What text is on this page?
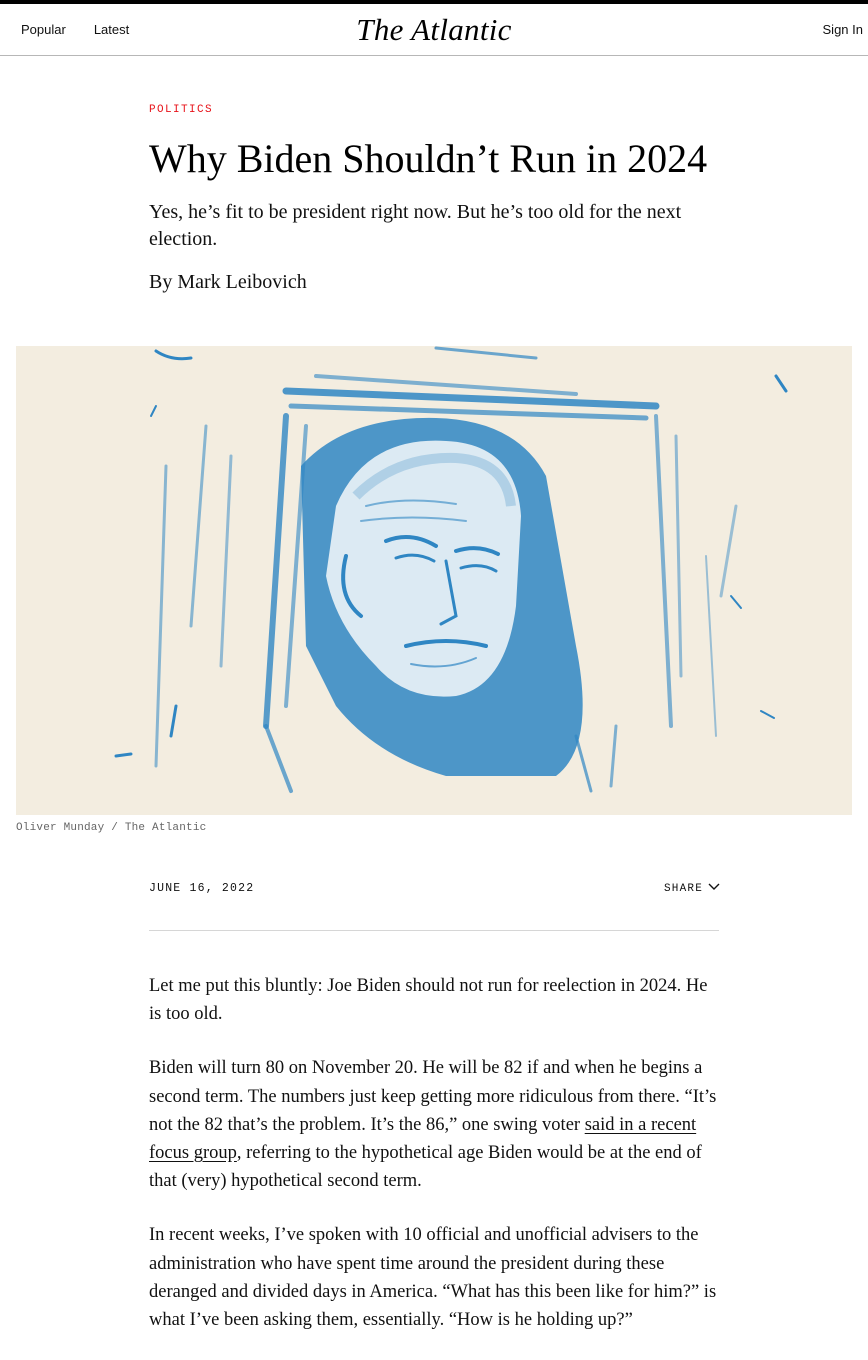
Popular Latest	The Atlantic	Sign In
POLITICS
Why Biden Shouldn’t Run in 2024

Yes, he’s fit to be president right now. But he’s too old for the next election.

By Mark Leibovich

Oliver Munday / The Atlantic
JUNE 16, 2022	SHARE

Let me put this bluntly: Joe Biden should not run for reelection in 2024. He is too old.

Biden will turn 80 on November 20. He will be 82 if and when he begins a second term. The numbers just keep getting more ridiculous from there. “It’s not the 82 that’s the problem. It’s the 86,” one swing voter said in a recent focus group, referring to the hypothetical age Biden would be at the end of that (very) hypothetical second term.

In recent weeks, I’ve spoken with 10 official and unofficial advisers to the administration who have spent time around the president during these deranged and divided days in America. “What has this been like for him?” is what I’ve been asking them, essentially. “How is he holding up?”
